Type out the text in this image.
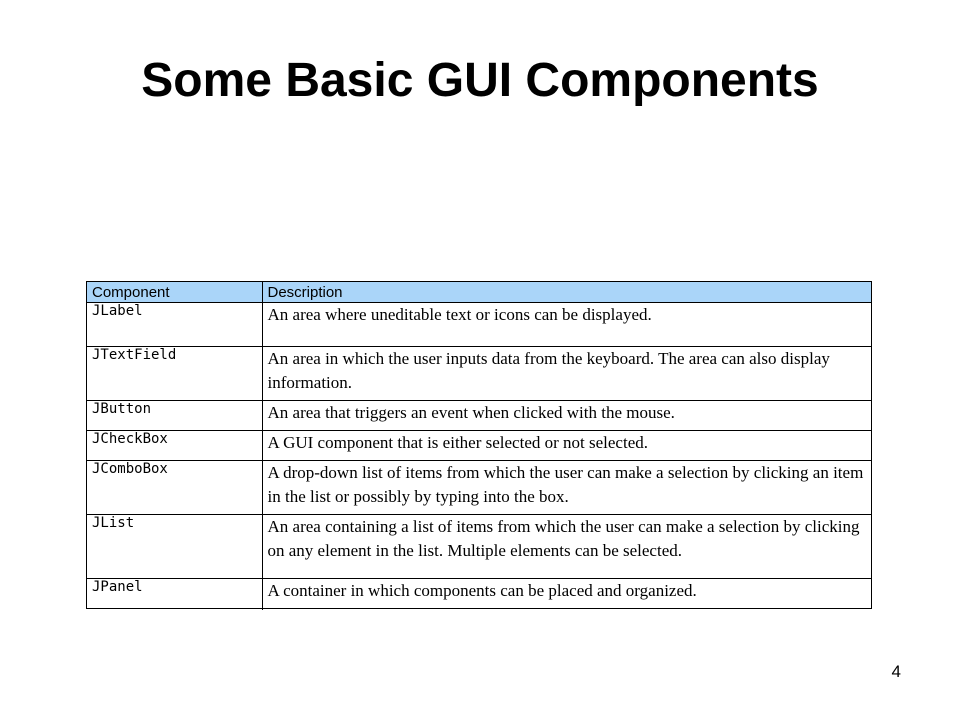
Some Basic GUI Components
Component	Description
JLabel	An area where uneditable text or icons can be displayed.
JTextField	An area in which the user inputs data from the keyboard. The area can also display information.
JButton	An area that triggers an event when clicked with the mouse.
JCheckBox	A GUI component that is either selected or not selected.
JComboBox	A drop-down list of items from which the user can make a selection by clicking an item in the list or possibly by typing into the box.
JList	An area containing a list of items from which the user can make a selection by clicking on any element in the list. Multiple elements can be selected.
JPanel	A container in which components can be placed and organized.
4
